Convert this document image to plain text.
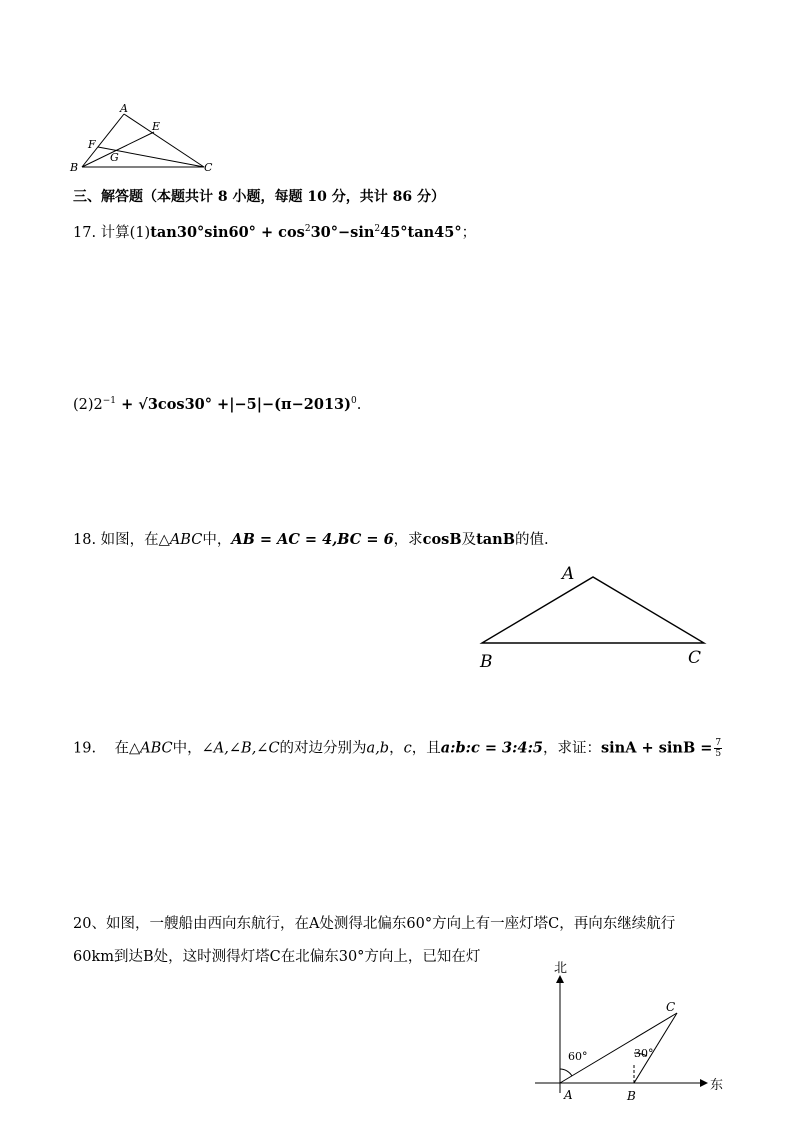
A
E
F
G
B	C
三、解答题（本题共计 8 小题，每题 10 分，共计 86 分）
17. 计算$(1)\tan 30^\circ\sin 60^\circ + \cos^230^\circ-\sin^245^\circ\tan 45^\circ$；
$(2)2^{-1} + √3\cos 30^\circ +|-5|-(\pi-2013)^0$.
18. 如图，在△ABC中，AB = AC = 4,BC = 6，求cosB及tanB的值.
A
B	C
19. 在△ABC中，∠A,∠B,∠C的对边分别为a,b，c，且a:b:c = 3:4:5，求证：$\sin A + \sin B = \frac{7}{5}$
20、如图，一艘船由西向东航行，在A处测得北偏东60°方向上有一座灯塔C，再向东继续航行
60km到达B处，这时测得灯塔C在北偏东30°方向上，已知在灯
北
东
60°	30°
A	B
C
